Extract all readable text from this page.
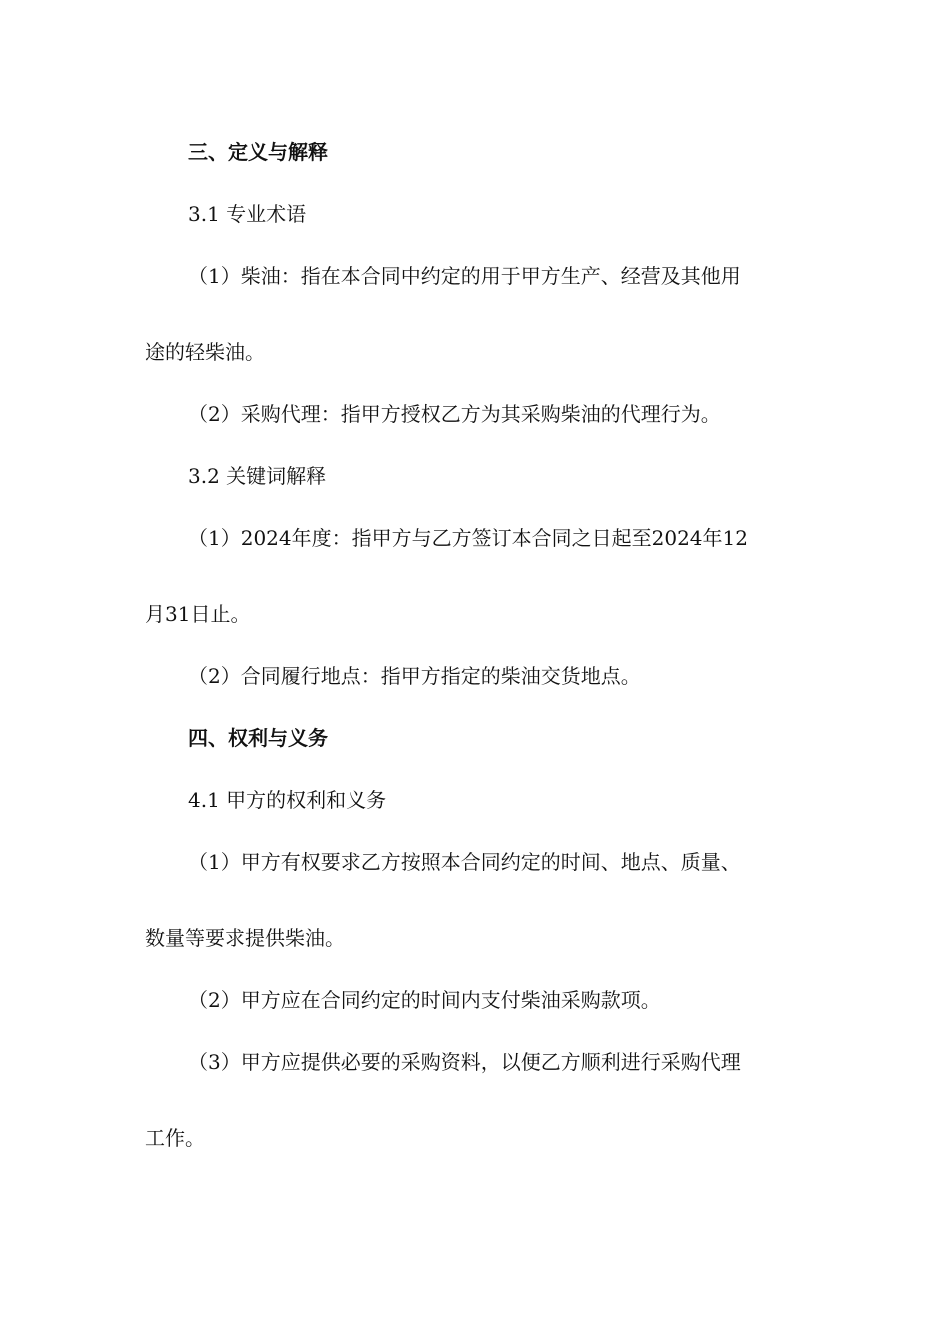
三、定义与解释
3.1 专业术语
（1）柴油：指在本合同中约定的用于甲方生产、经营及其他用
途的轻柴油。
（2）采购代理：指甲方授权乙方为其采购柴油的代理行为。
3.2 关键词解释
（1）2024年度：指甲方与乙方签订本合同之日起至2024年12
月31日止。
（2）合同履行地点：指甲方指定的柴油交货地点。
四、权利与义务
4.1 甲方的权利和义务
（1）甲方有权要求乙方按照本合同约定的时间、地点、质量、
数量等要求提供柴油。
（2）甲方应在合同约定的时间内支付柴油采购款项。
（3）甲方应提供必要的采购资料，以便乙方顺利进行采购代理
工作。
